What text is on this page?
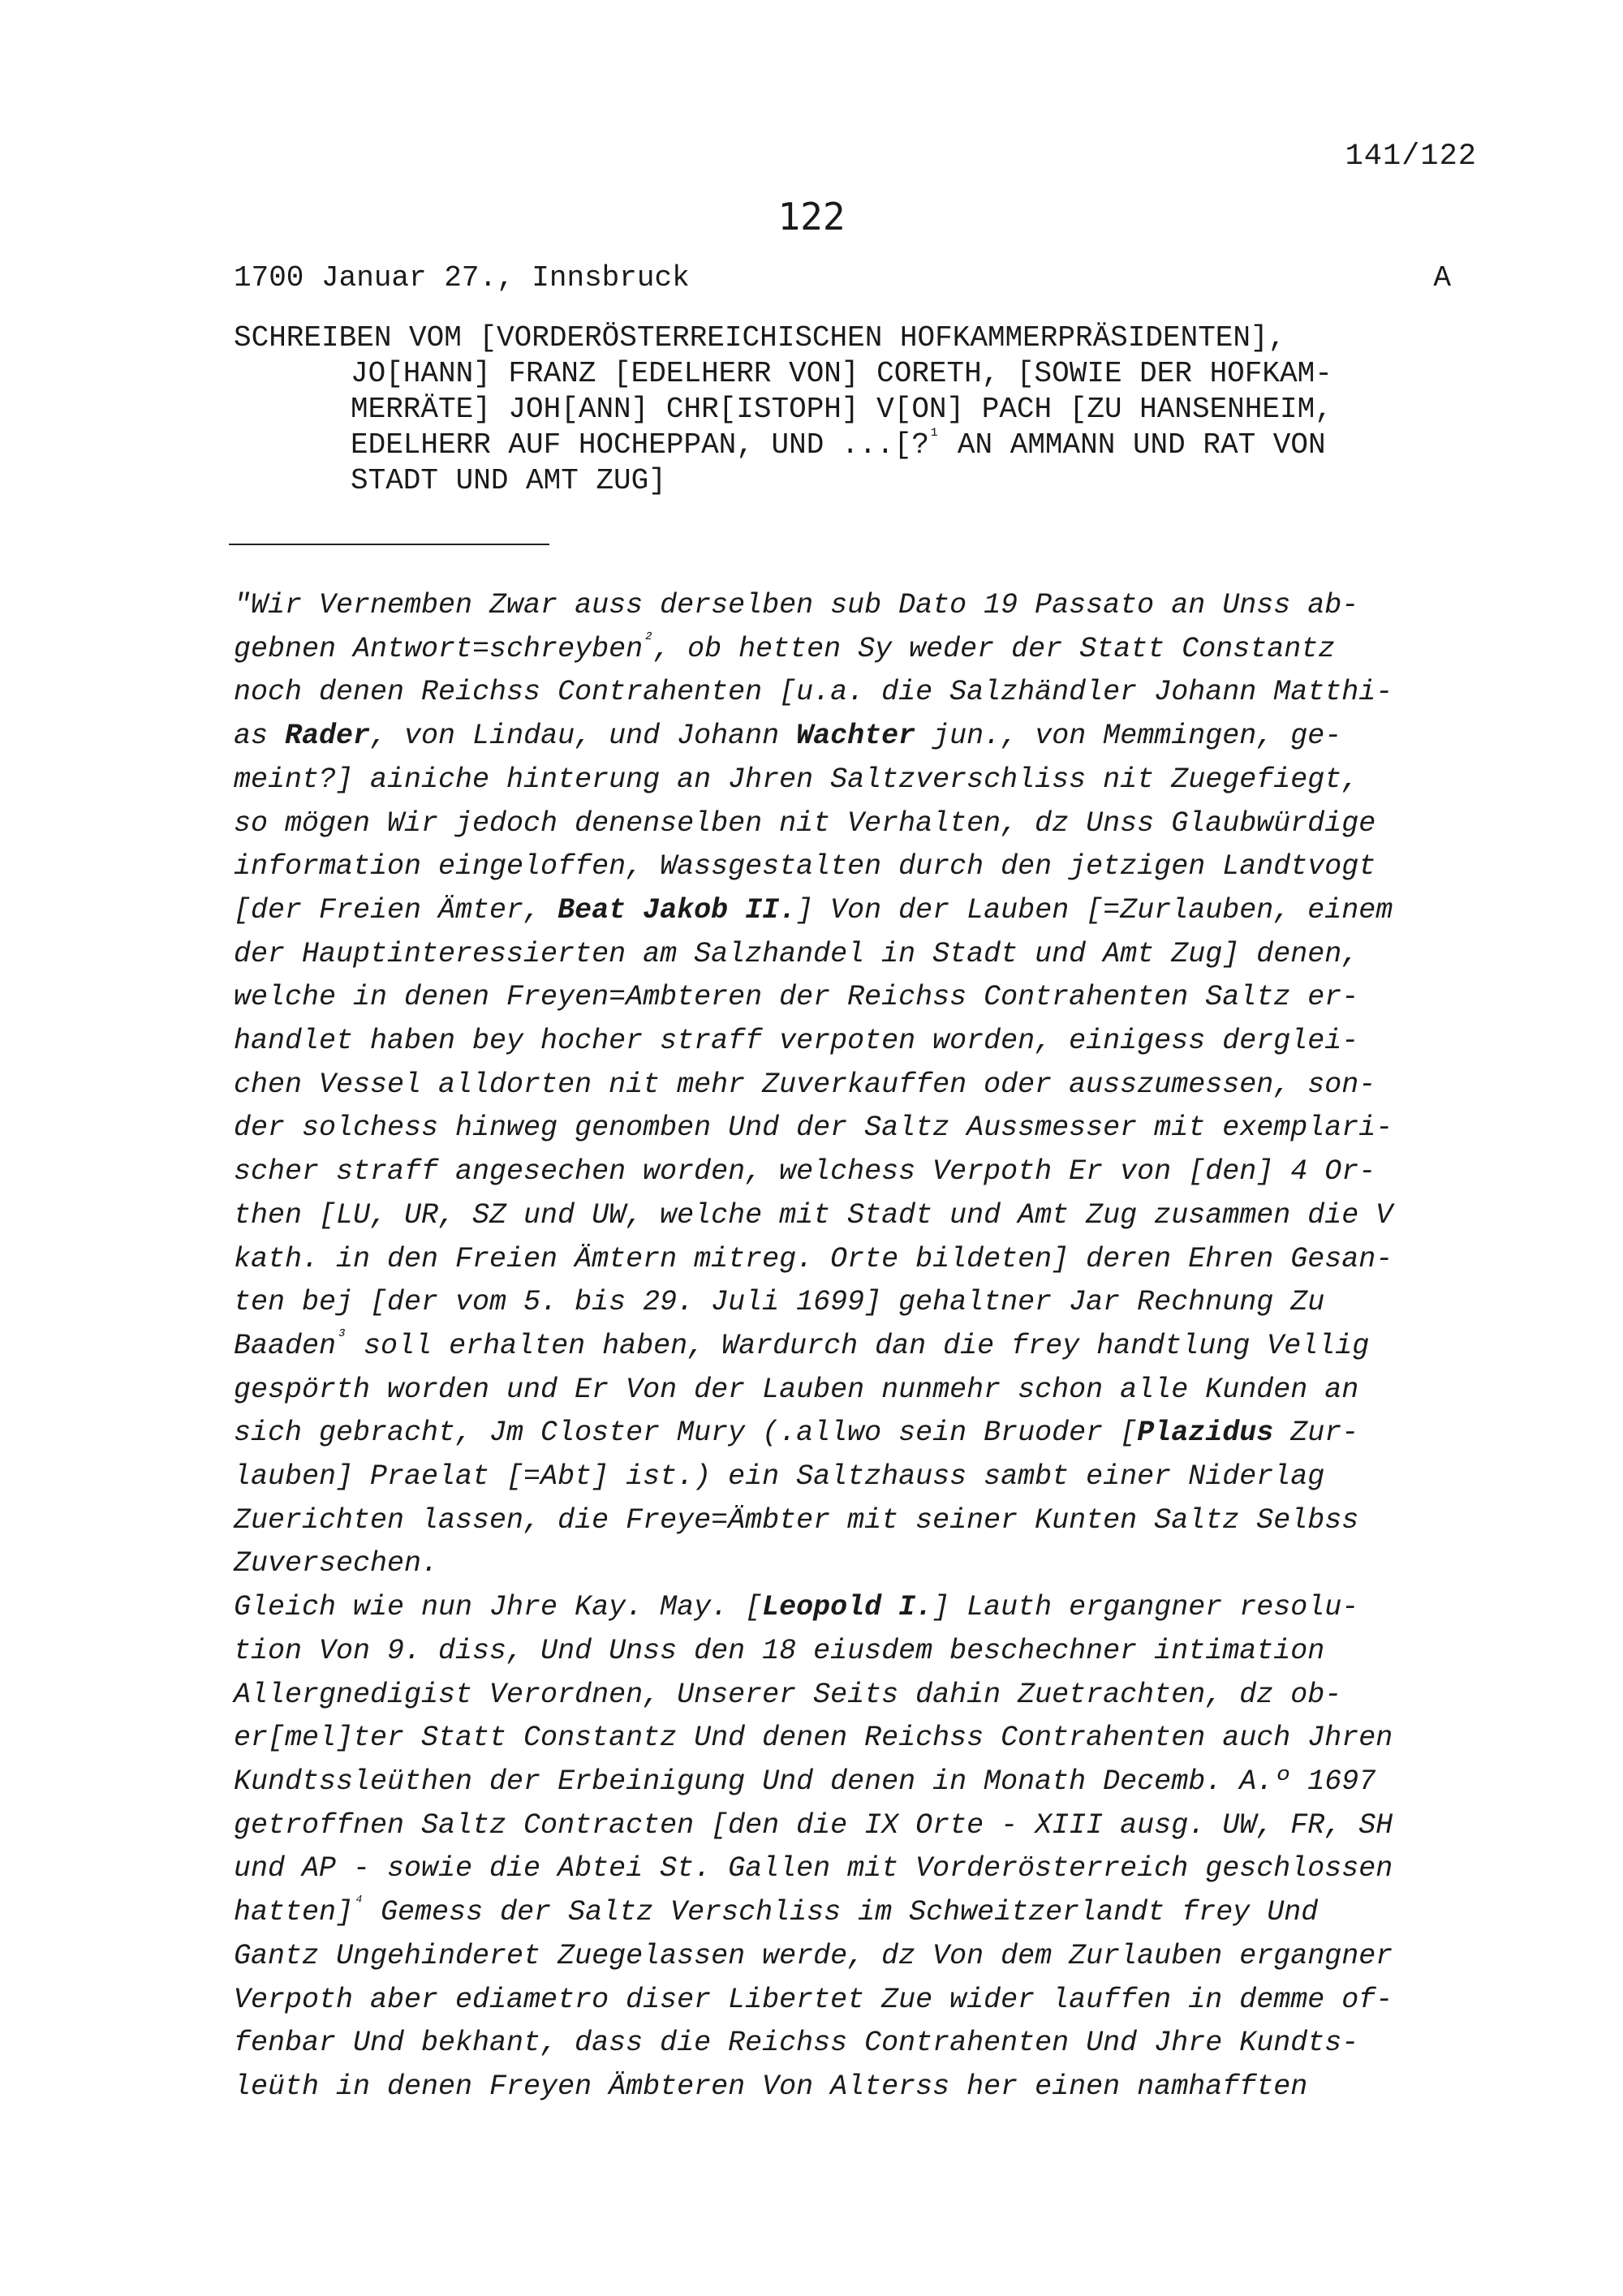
141/122
122
1700 Januar 27., Innsbruck	A
SCHREIBEN VOM [VORDERÖSTERREICHISCHEN HOFKAMMERPRÄSIDENTEN],
JO[HANN] FRANZ [EDELHERR VON] CORETH, [SOWIE DER HOFKAM-
MERRÄTE] JOH[ANN] CHR[ISTOPH] V[ON] PACH [ZU HANSENHEIM,
EDELHERR AUF HOCHEPPAN, UND ...[?$^{^1}$ AN AMMANN UND RAT VON
STADT UND AMT ZUG]
"Wir Vernemben Zwar auss derselben sub Dato 19 Passato an Unss ab-
gebnen Antwort=schreyben$^{^2}$, ob hetten Sy weder der Statt Constantz
noch denen Reichss Contrahenten [u.a. die Salzhändler Johann Matthi-
as Rader, von Lindau, und Johann Wachter jun., von Memmingen, ge-
meint?] ainiche hinterung an Jhren Saltzverschliss nit Zuegefiegt,
so mögen Wir jedoch denenselben nit Verhalten, dz Unss Glaubwürdige
information eingeloffen, Wassgestalten durch den jetzigen Landtvogt
[der Freien Ämter, Beat Jakob II.] Von der Lauben [=Zurlauben, einem
der Hauptinteressierten am Salzhandel in Stadt und Amt Zug] denen,
welche in denen Freyen=Ambteren der Reichss Contrahenten Saltz er-
handlet haben bey hocher straff verpoten worden, einigess derglei-
chen Vessel alldorten nit mehr Zuverkauffen oder ausszumessen, son-
der solchess hinweg genomben Und der Saltz Aussmesser mit exemplari-
scher straff angesechen worden, welchess Verpoth Er von [den] 4 Or-
then [LU, UR, SZ und UW, welche mit Stadt und Amt Zug zusammen die V
kath. in den Freien Ämtern mitreg. Orte bildeten] deren Ehren Gesan-
ten bej [der vom 5. bis 29. Juli 1699] gehaltner Jar Rechnung Zu
Baaden$^{^3}$ soll erhalten haben, Wardurch dan die frey handtlung Vellig
gespörth worden und Er Von der Lauben nunmehr schon alle Kunden an
sich gebracht, Jm Closter Mury (.allwo sein Bruoder [Plazidus Zur-
lauben] Praelat [=Abt] ist.) ein Saltzhauss sambt einer Niderlag
Zuerichten lassen, die Freye=Ämbter mit seiner Kunten Saltz Selbss
Zuversechen.
Gleich wie nun Jhre Kay. May. [Leopold I.] Lauth ergangner resolu-
tion Von 9. diss, Und Unss den 18 eiusdem beschechner intimation
Allergnedigist Verordnen, Unserer Seits dahin Zuetrachten, dz ob-
er[mel]ter Statt Constantz Und denen Reichss Contrahenten auch Jhren
Kundtssleüthen der Erbeinigung Und denen in Monath Decemb. A.º 1697
getroffnen Saltz Contracten [den die IX Orte - XIII ausg. UW, FR, SH
und AP - sowie die Abtei St. Gallen mit Vorderösterreich geschlossen
hatten]$^{^4}$ Gemess der Saltz Verschliss im Schweitzerlandt frey Und
Gantz Ungehinderet Zuegelassen werde, dz Von dem Zurlauben ergangner
Verpoth aber ediametro diser Libertet Zue wider lauffen in demme of-
fenbar Und bekhant, dass die Reichss Contrahenten Und Jhre Kundts-
leüth in denen Freyen Ämbteren Von Alterss her einen namhafften
